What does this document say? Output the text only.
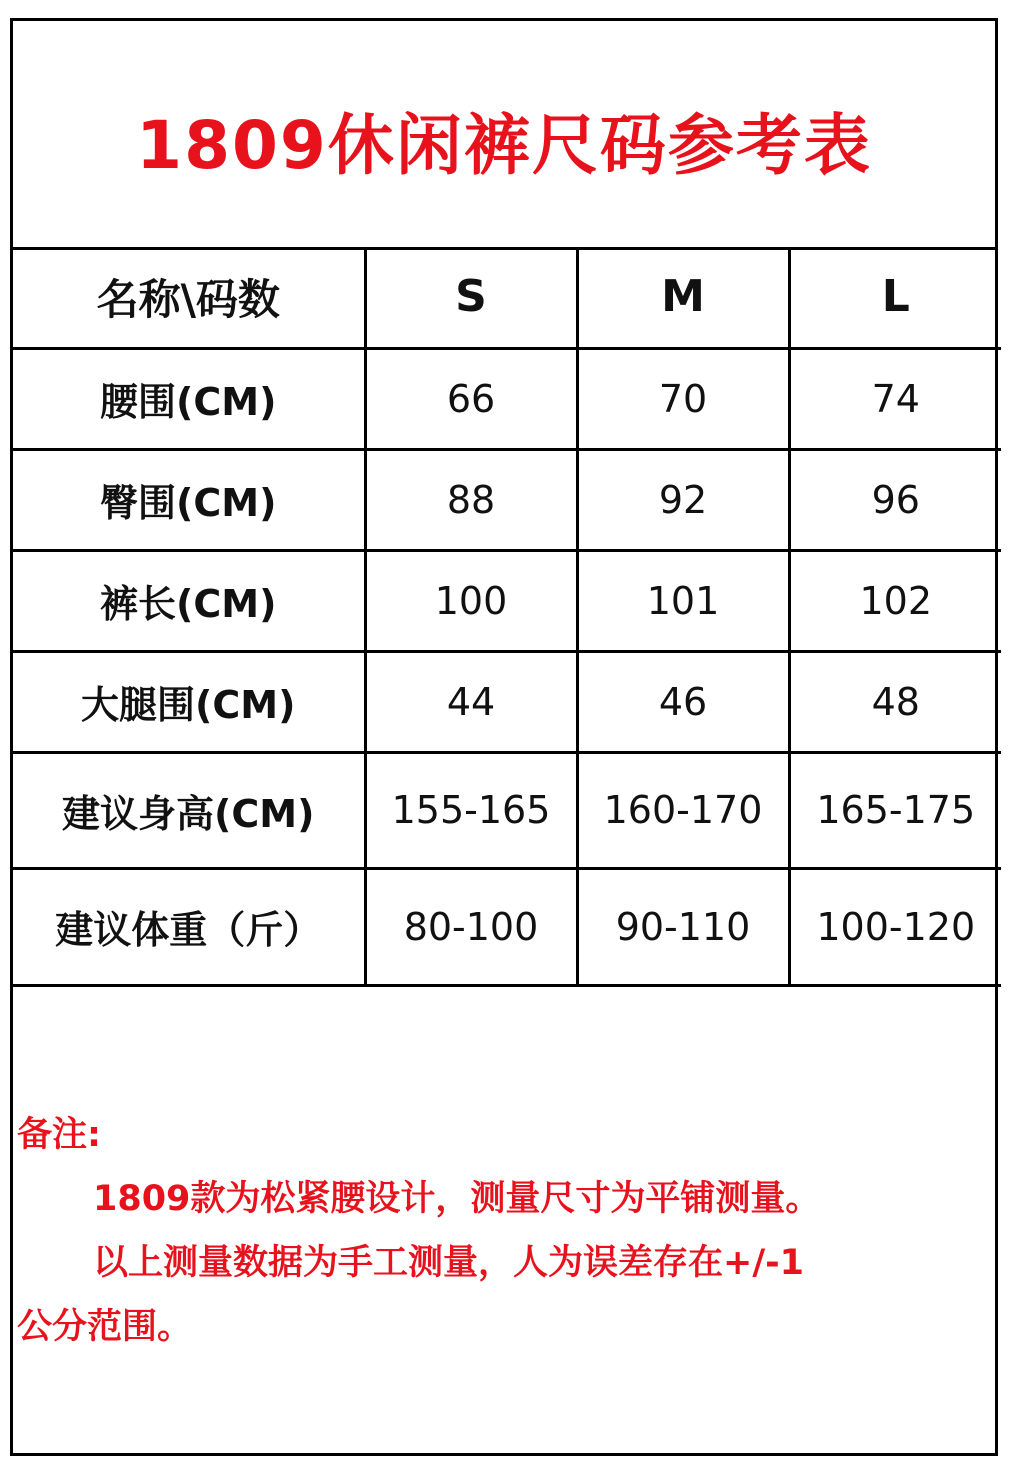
1809休闲裤尺码参考表
名称\码数	S	M	L
腰围(CM)	66	70	74
臀围(CM)	88	92	96
裤长(CM)	100	101	102
大腿围(CM)	44	46	48
建议身高(CM)	155-165	160-170	165-175
建议体重（斤）	80-100	90-110	100-120
备注:
1809款为松紧腰设计，测量尺寸为平铺测量。
以上测量数据为手工测量，人为误差存在+/-1
公分范围。
